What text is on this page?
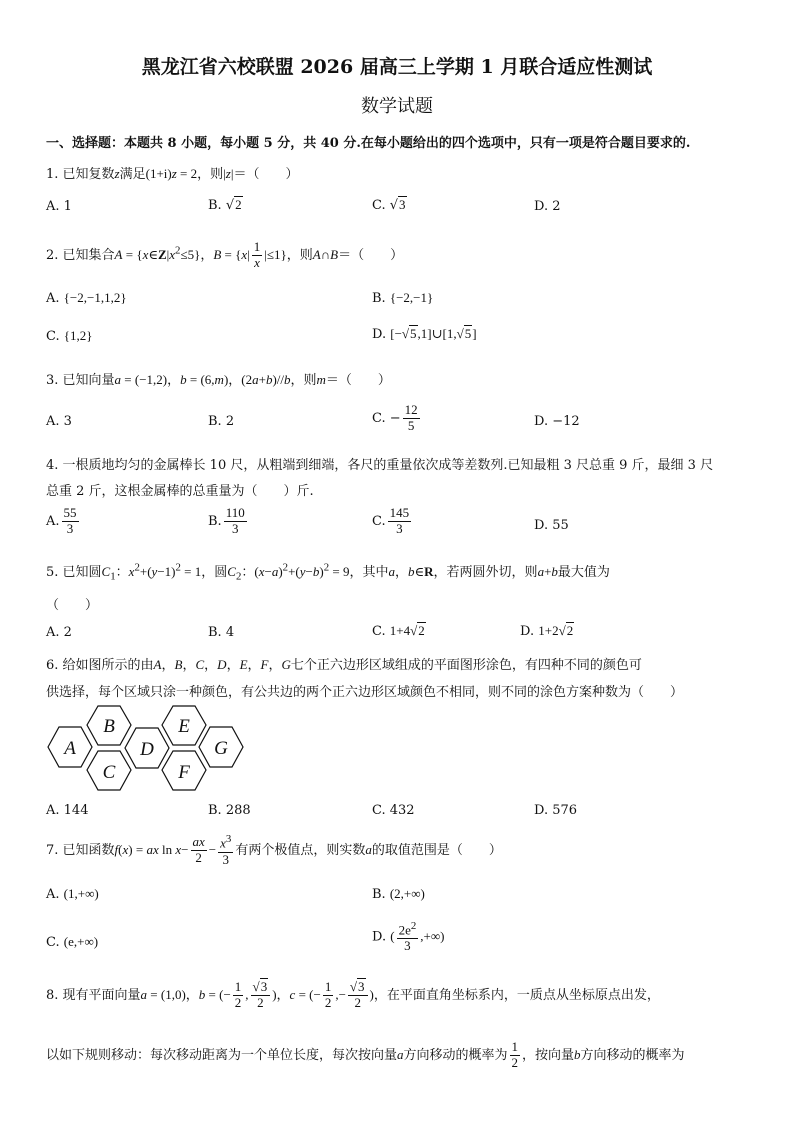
黑龙江省六校联盟 2026 届高三上学期 1 月联合适应性测试
数学试题
一、选择题：本题共 8 小题，每小题 5 分，共 40 分.在每小题给出的四个选项中，只有一项是符合题目要求的.
1. 已知复数z满足(1+i)z = 2，则|z|＝（　　）
A. 1	B. √2	C. √3	D. 2
2. 已知集合$A = \{x\in Z|x^2\le 5\}$，$B = \{x| \frac{1}{x} |\le 1\}$，则A∩B＝（　　）
A. {−2,−1,1,2}	B. {−2,−1}
C. {1,2}	D. [−√5,1]∪[1,√5]
3. 已知向量a = (−1,2)，b = (6,m)，(2a+b)//b，则m＝（　　）
A. 3	B. 2	C. − $\frac{12}{5}$	D. −12
4. 一根质地均匀的金属棒长 10 尺，从粗端到细端，各尺的重量依次成等差数列.已知最粗 3 尺总重 9 斤，最细 3 尺
总重 2 斤，这根金属棒的总重量为（　　）斤.
A. $\frac{55}{3}$	B. $\frac{110}{3}$	C. $\frac{145}{3}$	D. 55
5. 已知圆$C_1$：$x^2+(y-1)^2 = 1$，圆$C_2$：$(x-a)^2+(y-b)^2 = 9$，其中a，b∈R，若两圆外切，则a+b最大值为
（　　）
A. 2	B. 4	C. 1+4√2	D. 1+2√2
6. 给如图所示的由A，B，C，D，E，F，G七个正六边形区域组成的平面图形涂色，有四种不同的颜色可
供选择，每个区域只涂一种颜色，有公共边的两个正六边形区域颜色不相同，则不同的涂色方案种数为（　　）
A
B
C
D
E
F
G
A. 144	B. 288	C. 432	D. 576
7. 已知函数f(x) = ax $\ln x- \frac{ax}{2} - \frac{x^3}{3}$ 有两个极值点，则实数a的取值范围是（　　）
A. (1,+∞)	B. (2,+∞)
C. (e,+∞)	D. ( $\frac{2e^2}{3}$ ,+∞)
8. 现有平面向量a = (1,0)，b = (− $\frac{1}{2}$ , $\frac{√3}{2}$ )，c = (− $\frac{1}{2}$ ,− $\frac{√3}{2}$ )，在平面直角坐标系内，一质点从坐标原点出发，
以如下规则移动：每次移动距离为一个单位长度，每次按向量a方向移动的概率为 $\frac{1}{2}$ ，按向量b方向移动的概率为
